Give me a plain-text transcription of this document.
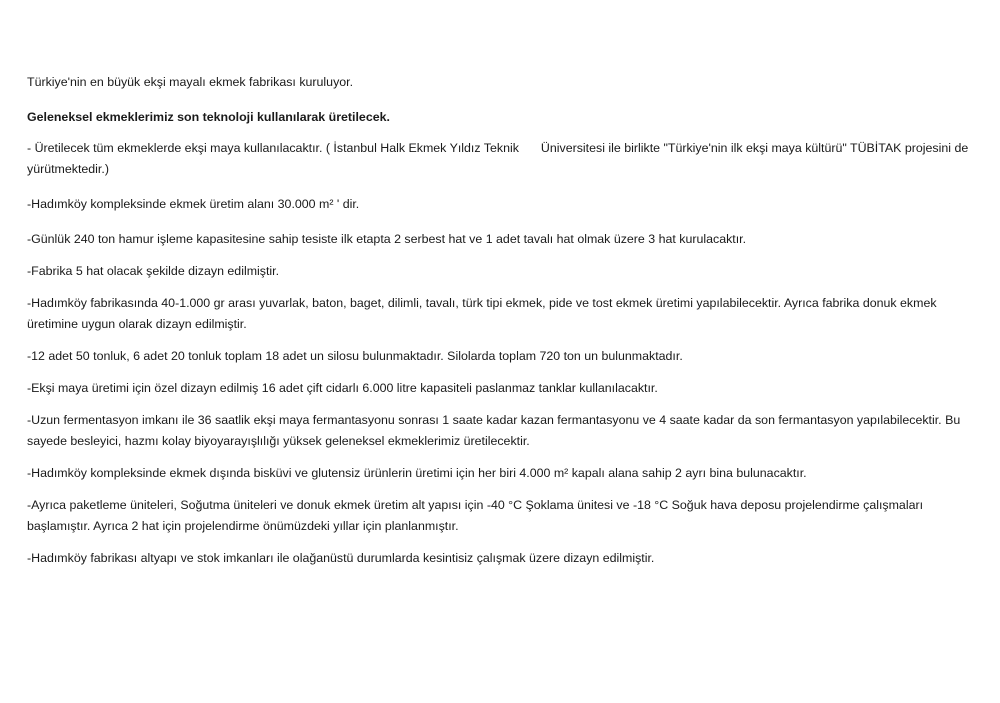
Türkiye'nin en büyük ekşi mayalı ekmek fabrikası kuruluyor.

Geleneksel ekmeklerimiz son teknoloji kullanılarak üretilecek.

- Üretilecek tüm ekmeklerde ekşi maya kullanılacaktır. ( İstanbul Halk Ekmek Yıldız Teknik Üniversitesi ile birlikte "Türkiye'nin ilk ekşi maya kültürü" TÜBİTAK projesini de yürütmektedir.)

-Hadımköy kompleksinde ekmek üretim alanı 30.000 m² ' dir.

-Günlük 240 ton hamur işleme kapasitesine sahip tesiste ilk etapta 2 serbest hat ve 1 adet tavalı hat olmak üzere 3 hat kurulacaktır.

-Fabrika 5 hat olacak şekilde dizayn edilmiştir.

-Hadımköy fabrikasında 40-1.000 gr arası yuvarlak, baton, baget, dilimli, tavalı, türk tipi ekmek, pide ve tost ekmek üretimi yapılabilecektir. Ayrıca fabrika donuk ekmek üretimine uygun olarak dizayn edilmiştir.

-12 adet 50 tonluk, 6 adet 20 tonluk toplam 18 adet un silosu bulunmaktadır. Silolarda toplam 720 ton un bulunmaktadır.

-Ekşi maya üretimi için özel dizayn edilmiş 16 adet çift cidarlı 6.000 litre kapasiteli paslanmaz tanklar kullanılacaktır.

-Uzun fermentasyon imkanı ile 36 saatlik ekşi maya fermantasyonu sonrası 1 saate kadar kazan fermantasyonu ve 4 saate kadar da son fermantasyon yapılabilecektir. Bu sayede besleyici, hazmı kolay biyoyarayışlılığı yüksek geleneksel ekmeklerimiz üretilecektir.

-Hadımköy kompleksinde ekmek dışında bisküvi ve glutensiz ürünlerin üretimi için her biri 4.000 m² kapalı alana sahip 2 ayrı bina bulunacaktır.

-Ayrıca paketleme üniteleri, Soğutma üniteleri ve donuk ekmek üretim alt yapısı için -40 °C Şoklama ünitesi ve -18 °C Soğuk hava deposu projelendirme çalışmaları başlamıştır. Ayrıca 2 hat için projelendirme önümüzdeki yıllar için planlanmıştır.

-Hadımköy fabrikası altyapı ve stok imkanları ile olağanüstü durumlarda kesintisiz çalışmak üzere dizayn edilmiştir.
